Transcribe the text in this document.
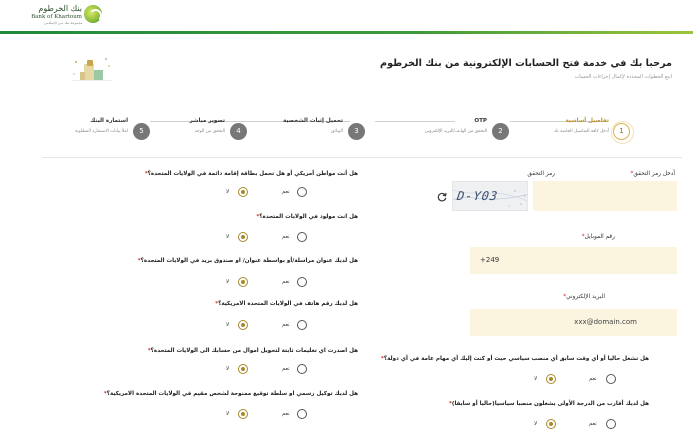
بنك الخرطوم
Bank of Khartoum
مجموعة بنك دبي الإسلامي
مرحبا بك في خدمة فتح الحسابات الإلكترونية من بنك الخرطوم
اتبع الخطوات المحددة لإكمال إجراءات الحساب
1
تفاصيل أساسية
أدخل كافة التفاصيل الخاصة بك
2
OTP
التحقق من الهاتف/البريد الإلكتروني
3
تحميل إثبات الشخصية
الوثائق
4
تصوير مباشر
التحقق من الوجه
5
استمارة البنك
املأ بيانات الاستمارة المطلوبة
أدخل رمز التحقق*
رمز التحقق
D-Y03
رقم الموبايل*
+249
البريد الإلكتروني*
xxx@domain.com
هل تشغل حاليا أو أي وقت سابق أي منصب سياسي حيث أو كنت إليك أي مهام عامة في أي دولة؟*
نعم
لا
هل لديك أقارب من الدرجة الأولى يشغلون منصبا سياسيا(حاليا أو سابقا)*
نعم
لا
هل أنت مواطن أمريكي أو هل تحمل بطاقة إقامة دائمة في الولايات المتحدة؟*
نعم
لا
هل انت مولود في الولايات المتحدة؟*
نعم
لا
هل لديك عنوان مراسلة/أو بواسطة عنوان/ او صندوق بريد في الولايات المتحدة؟*
نعم
لا
هل لديك رقم هاتف في الولايات المتحدة الامريكية؟*
نعم
لا
هل اصدرت اي تعليمات ثابتة لتحويل اموال من حسابك الى الولايات المتحدة؟*
نعم
لا
هل لديك توكيل رسمي او سلطة توقيع ممنوحة لشخص مقيم في الولايات المتحدة الامريكية؟*
نعم
لا
